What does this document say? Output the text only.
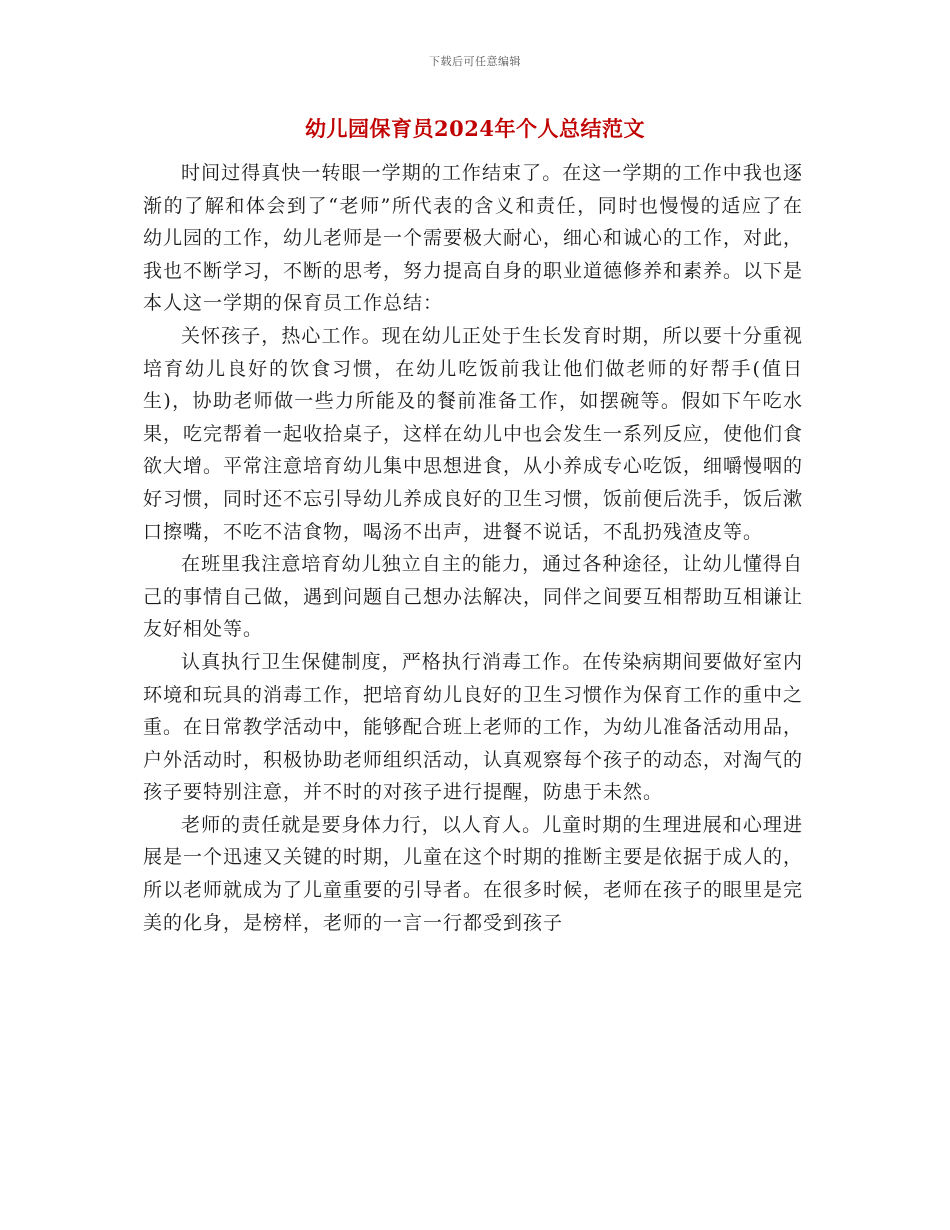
下载后可任意编辑
幼儿园保育员2024年个人总结范文

时间过得真快一转眼一学期的工作结束了。在这一学期的工作中我也逐渐的了解和体会到了“老师”所代表的含义和责任，同时也慢慢的适应了在幼儿园的工作，幼儿老师是一个需要极大耐心，细心和诚心的工作，对此，我也不断学习，不断的思考，努力提高自身的职业道德修养和素养。以下是本人这一学期的保育员工作总结：

关怀孩子，热心工作。现在幼儿正处于生长发育时期，所以要十分重视培育幼儿良好的饮食习惯，在幼儿吃饭前我让他们做老师的好帮手(值日生)，协助老师做一些力所能及的餐前准备工作，如摆碗等。假如下午吃水果，吃完帮着一起收拾桌子，这样在幼儿中也会发生一系列反应，使他们食欲大增。平常注意培育幼儿集中思想进食，从小养成专心吃饭，细嚼慢咽的好习惯，同时还不忘引导幼儿养成良好的卫生习惯，饭前便后洗手，饭后漱口擦嘴，不吃不洁食物，喝汤不出声，进餐不说话，不乱扔残渣皮等。

在班里我注意培育幼儿独立自主的能力，通过各种途径，让幼儿懂得自己的事情自己做，遇到问题自己想办法解决，同伴之间要互相帮助互相谦让友好相处等。

认真执行卫生保健制度，严格执行消毒工作。在传染病期间要做好室内环境和玩具的消毒工作，把培育幼儿良好的卫生习惯作为保育工作的重中之重。在日常教学活动中，能够配合班上老师的工作，为幼儿准备活动用品，户外活动时，积极协助老师组织活动，认真观察每个孩子的动态，对淘气的孩子要特别注意，并不时的对孩子进行提醒，防患于未然。

老师的责任就是要身体力行，以人育人。儿童时期的生理进展和心理进展是一个迅速又关键的时期，儿童在这个时期的推断主要是依据于成人的，所以老师就成为了儿童重要的引导者。在很多时候，老师在孩子的眼里是完美的化身，是榜样，老师的一言一行都受到孩子
